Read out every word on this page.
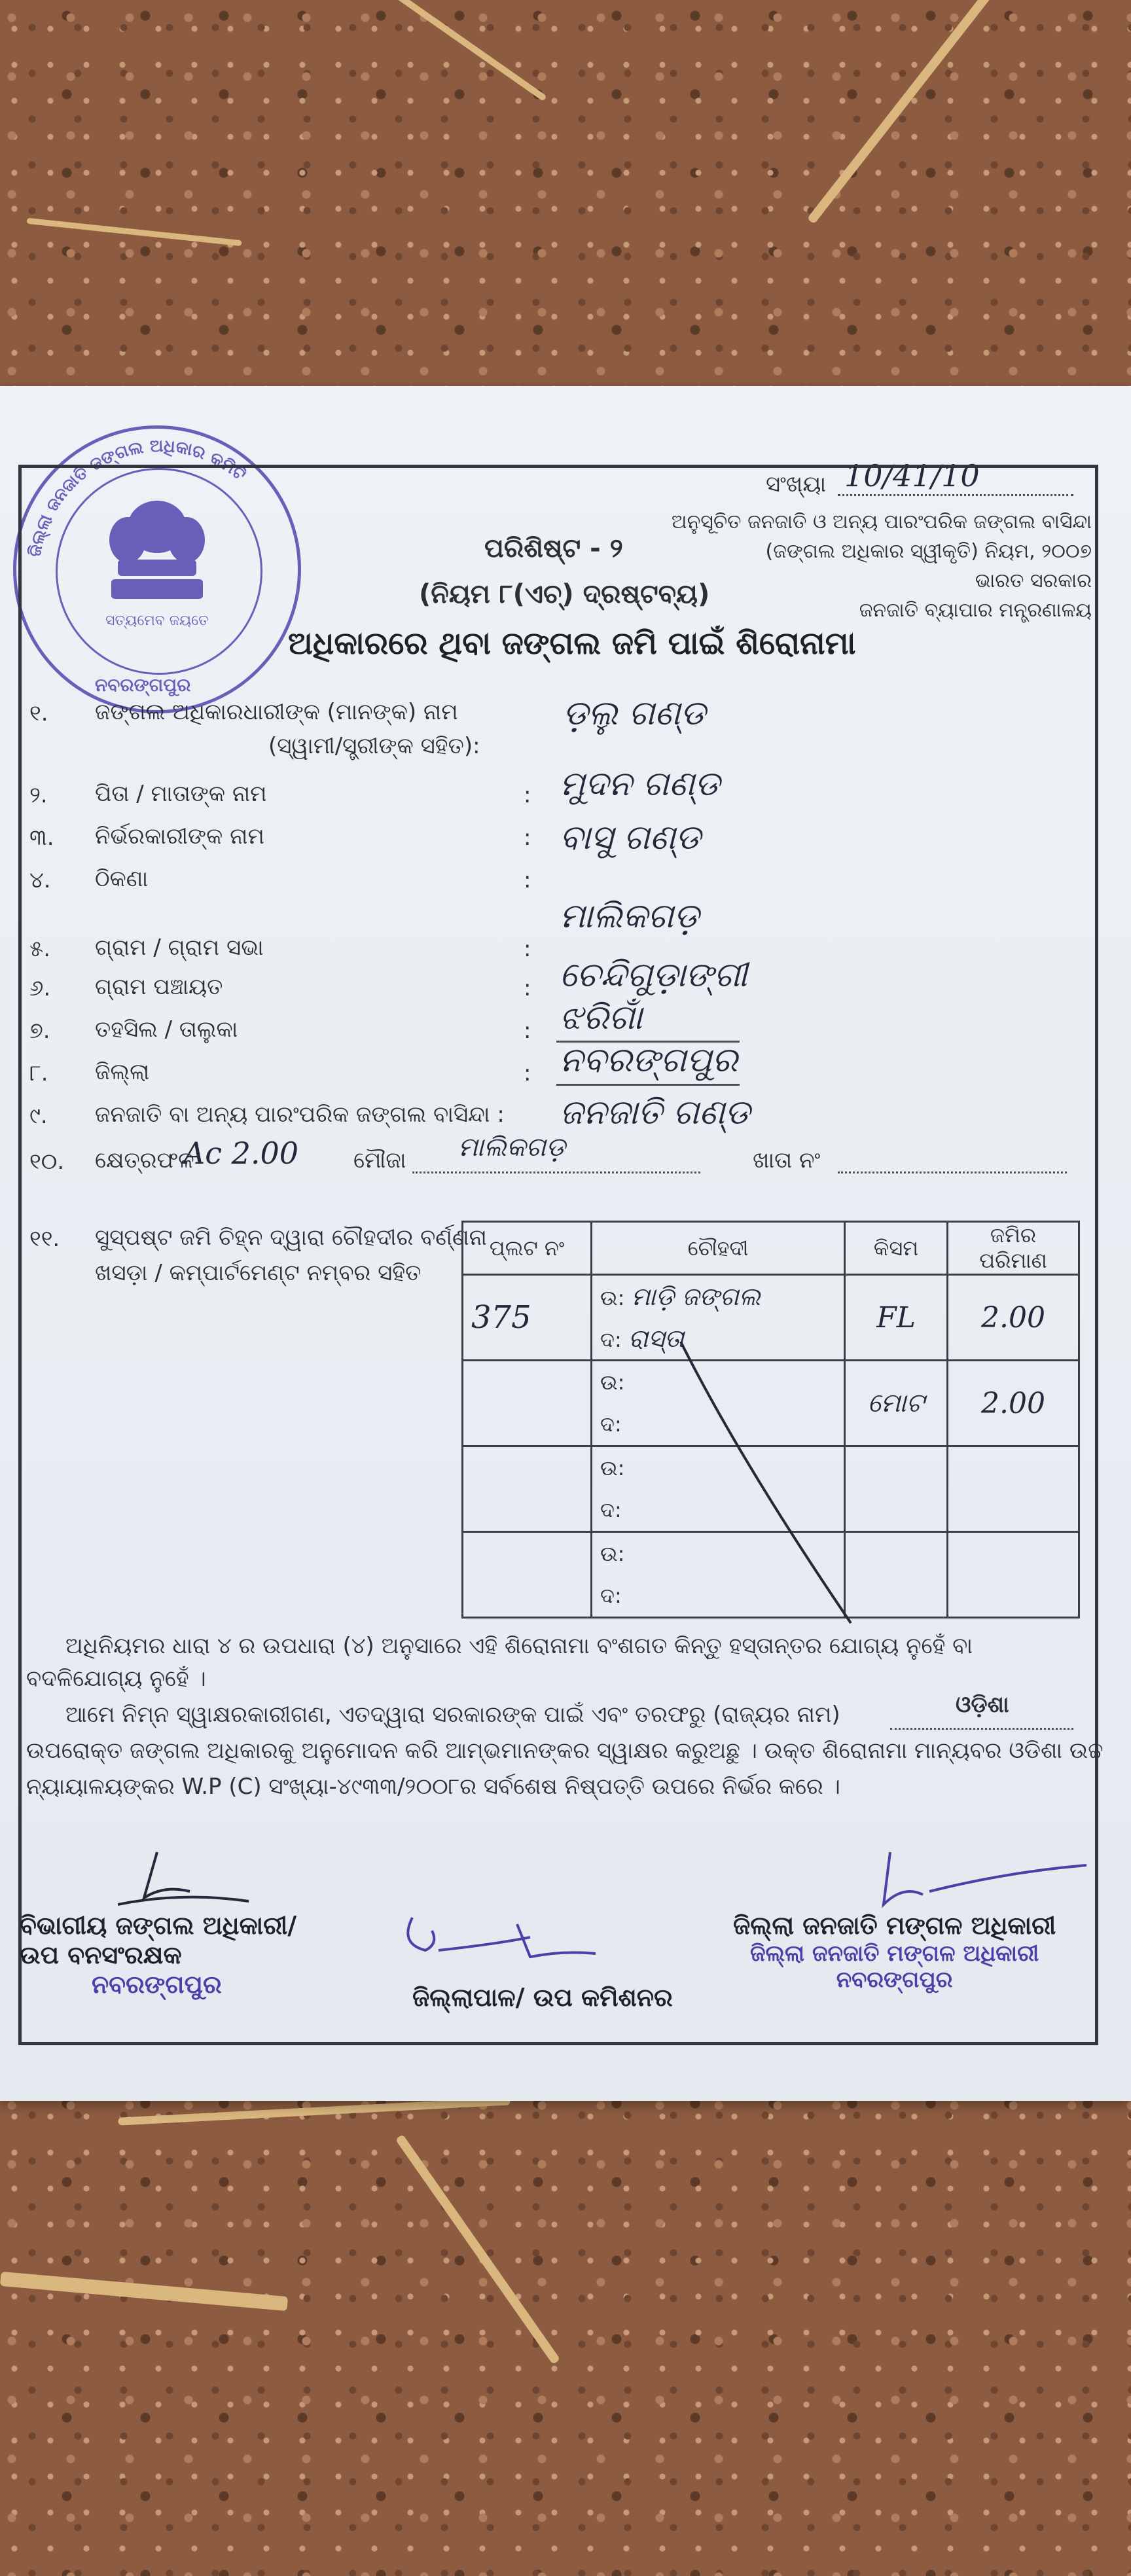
ଜିଲ୍ଲା ଜନଜାତି ଜଙ୍ଗଲ ଅଧିକାର କମିଟି
ସତ୍ୟମେବ ଜୟତେ
ନବରଙ୍ଗପୁର
ସଂଖ୍ୟା 10/41/10
ଅନୁସୂଚିତ ଜନଜାତି ଓ ଅନ୍ୟ ପାରଂପରିକ ଜଙ୍ଗଲ ବାସିନ୍ଦା
(ଜଙ୍ଗଲ ଅଧିକାର ସ୍ୱୀକୃତି) ନିୟମ, ୨୦୦୭
ଭାରତ ସରକାର
ଜନଜାତି ବ୍ୟାପାର ମନ୍ତ୍ରଣାଳୟ
ପରିଶିଷ୍ଟ - ୨
(ନିୟମ ୮(ଏଚ୍) ଦ୍ରଷ୍ଟବ୍ୟ)
ଅଧିକାରରେ ଥିବା ଜଙ୍ଗଲ ଜମି ପାଇଁ ଶିରୋନାମା
୧. ଜଙ୍ଗଲ ଅଧିକାରଧାରୀଙ୍କ (ମାନଙ୍କ) ନାମ
(ସ୍ୱାମୀ/ସ୍ତ୍ରୀଙ୍କ ସହିତ):
ଡ଼ଲୁ ଗଣ୍ଡ
୨. ପିତା / ମାତାଙ୍କ ନାମ	: ମୁଦନ ଗଣ୍ଡ
୩. ନିର୍ଭରକାରୀଙ୍କ ନାମ	: ବାସୁ ଗଣ୍ଡ
୪. ଠିକଣା	:
ମାଲିକଗଡ଼
୫. ଗ୍ରାମ / ଗ୍ରାମ ସଭା	:
୬. ଗ୍ରାମ ପଞ୍ଚାୟତ	: ଚେନ୍ଦିଗୁଡ଼ାଙ୍ଗୀ
୭. ତହସିଲ / ତାଲୁକା	: ଝରିଗାଁ
୮. ଜିଲ୍ଲା	: ନବରଙ୍ଗପୁର
୯. ଜନଜାତି ବା ଅନ୍ୟ ପାରଂପରିକ ଜଙ୍ଗଲ ବାସିନ୍ଦା : ଜନଜାତି ଗଣ୍ଡ
୧୦. କ୍ଷେତ୍ରଫଳ
Ac 2.00 ମୌଜା ମାଲିକଗଡ଼	ଖାତା ନଂ
୧୧. ସୁସ୍ପଷ୍ଟ ଜମି ଚିହ୍ନ ଦ୍ୱାରା ଚୌହଦୀର ବର୍ଣ୍ଣନା
ଖସଡ଼ା / କମ୍ପାର୍ଟମେଣ୍ଟ ନମ୍ବର ସହିତ
ପ୍ଲଟ ନଂ	ଚୌହଦୀ	କିସମ	ଜମିର ପରିମାଣ
375	ଉ: ମାଡ଼ି ଜଙ୍ଗଲ
ଦ: ରାସ୍ତା	FL	2.00

	ଉ:
ଦ:	ମୋଟ	2.00

	ଉ:
ଦ:		

	ଉ:
ଦ:		

ଅଧିନିୟମର ଧାରା ୪ ର ଉପଧାରା (୪) ଅନୁସାରେ ଏହି ଶିରୋନାମା ବଂଶଗତ କିନ୍ତୁ ହସ୍ତାନ୍ତର ଯୋଗ୍ୟ ନୁହେଁ ବା
ବଦଳିଯୋଗ୍ୟ ନୁହେଁ ।
ଆମେ ନିମ୍ନ ସ୍ୱାକ୍ଷରକାରୀଗଣ, ଏତଦ୍ୱାରା ସରକାରଙ୍କ ପାଇଁ ଏବଂ ତରଫରୁ (ରାଜ୍ୟର ନାମ)	ଓଡ଼ିଶା
ଉପରୋକ୍ତ ଜଙ୍ଗଲ ଅଧିକାରକୁ ଅନୁମୋଦନ କରି ଆମ୍ଭମାନଙ୍କର ସ୍ୱାକ୍ଷର କରୁଅଛୁ । ଉକ୍ତ ଶିରୋନାମା ମାନ୍ୟବର ଓଡିଶା ଉଚ୍ଚ
ନ୍ୟାୟାଳୟଙ୍କର W.P (C) ସଂଖ୍ୟା-୪୯୩୩/୨୦୦୮ର ସର୍ବଶେଷ ନିଷ୍ପତ୍ତି ଉପରେ ନିର୍ଭର କରେ ।
ବିଭାଗୀୟ ଜଙ୍ଗଲ ଅଧିକାରୀ/
ଉପ ବନସଂରକ୍ଷକ
ନବରଙ୍ଗପୁର	ଜିଲ୍ଲାପାଳ/ ଉପ କମିଶନର
ଜିଲ୍ଲା ଜନଜାତି ମଙ୍ଗଳ ଅଧିକାରୀ
ଜିଲ୍ଲା ଜନଜାତି ମଙ୍ଗଳ ଅଧିକାରୀ
ନବରଙ୍ଗପୁର
